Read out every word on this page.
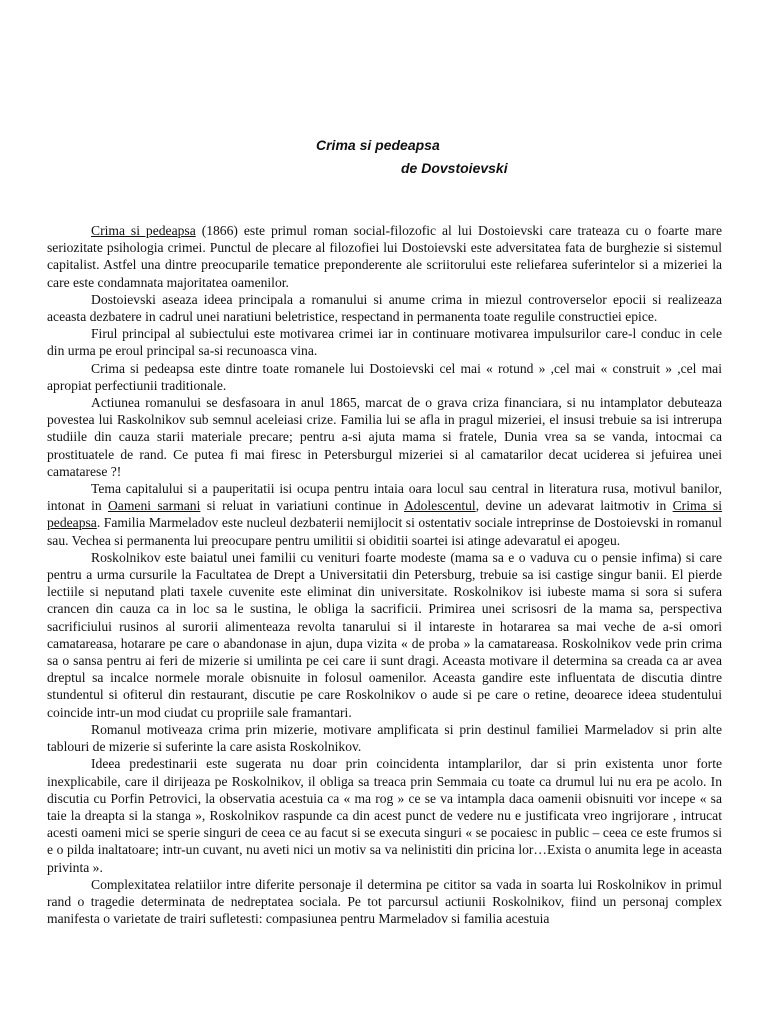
Crima si pedeapsa
de Dovstoievski

Crima si pedeapsa (1866) este primul roman social-filozofic al lui Dostoievski care trateaza cu o foarte mare seriozitate psihologia crimei. Punctul de plecare al filozofiei lui Dostoievski este adversitatea fata de burghezie si sistemul capitalist. Astfel una dintre preocuparile tematice preponderente ale scriitorului este reliefarea suferintelor si a mizeriei la care este condamnata majoritatea oamenilor.

Dostoievski aseaza ideea principala a romanului si anume crima in miezul controverselor epocii si realizeaza aceasta dezbatere in cadrul unei naratiuni beletristice, respectand in permanenta toate regulile constructiei epice.

Firul principal al subiectului este motivarea crimei iar in continuare motivarea impulsurilor care-l conduc in cele din urma pe eroul principal sa-si recunoasca vina.

Crima si pedeapsa este dintre toate romanele lui Dostoievski cel mai « rotund » ,cel mai « construit » ,cel mai apropiat perfectiunii traditionale.

Actiunea romanului se desfasoara in anul 1865, marcat de o grava criza financiara, si nu intamplator debuteaza povestea lui Raskolnikov sub semnul aceleiasi crize. Familia lui se afla in pragul mizeriei, el insusi trebuie sa isi intrerupa studiile din cauza starii materiale precare; pentru a-si ajuta mama si fratele, Dunia vrea sa se vanda, intocmai ca prostituatele de rand. Ce putea fi mai firesc in Petersburgul mizeriei si al camatarilor decat uciderea si jefuirea unei camatarese ?!

Tema capitalului si a pauperitatii isi ocupa pentru intaia oara locul sau central in literatura rusa, motivul banilor, intonat in Oameni sarmani si reluat in variatiuni continue in Adolescentul, devine un adevarat laitmotiv in Crima si pedeapsa. Familia Marmeladov este nucleul dezbaterii nemijlocit si ostentativ sociale intreprinse de Dostoievski in romanul sau. Vechea si permanenta lui preocupare pentru umilitii si obiditii soartei isi atinge adevaratul ei apogeu.

Roskolnikov este baiatul unei familii cu venituri foarte modeste (mama sa e o vaduva cu o pensie infima) si care pentru a urma cursurile la Facultatea de Drept a Universitatii din Petersburg, trebuie sa isi castige singur banii. El pierde lectiile si neputand plati taxele cuvenite este eliminat din universitate. Roskolnikov isi iubeste mama si sora si sufera crancen din cauza ca in loc sa le sustina, le obliga la sacrificii. Primirea unei scrisosri de la mama sa, perspectiva sacrificiului rusinos al surorii alimenteaza revolta tanarului si il intareste in hotararea sa mai veche de a-si omori camatareasa, hotarare pe care o abandonase in ajun, dupa vizita « de proba » la camatareasa. Roskolnikov vede prin crima sa o sansa pentru ai feri de mizerie si umilinta pe cei care ii sunt dragi. Aceasta motivare il determina sa creada ca ar avea dreptul sa incalce normele morale obisnuite in folosul oamenilor. Aceasta gandire este influentata de discutia dintre stundentul si ofiterul din restaurant, discutie pe care Roskolnikov o aude si pe care o retine, deoarece ideea studentului coincide intr-un mod ciudat cu propriile sale framantari.

Romanul motiveaza crima prin mizerie, motivare amplificata si prin destinul familiei Marmeladov si prin alte tablouri de mizerie si suferinte la care asista Roskolnikov.

Ideea predestinarii este sugerata nu doar prin coincidenta intamplarilor, dar si prin existenta unor forte inexplicabile, care il dirijeaza pe Roskolnikov, il obliga sa treaca prin Semmaia cu toate ca drumul lui nu era pe acolo. In discutia cu Porfin Petrovici, la observatia acestuia ca « ma rog » ce se va intampla daca oamenii obisnuiti vor incepe « sa taie la dreapta si la stanga », Roskolnikov raspunde ca din acest punct de vedere nu e justificata vreo ingrijorare , intrucat acesti oameni mici se sperie singuri de ceea ce au facut si se executa singuri « se pocaiesc in public – ceea ce este frumos si e o pilda inaltatoare; intr-un cuvant, nu aveti nici un motiv sa va nelinistiti din pricina lor…Exista o anumita lege in aceasta privinta ».

Complexitatea relatiilor intre diferite personaje il determina pe cititor sa vada in soarta lui Roskolnikov in primul rand o tragedie determinata de nedreptatea sociala. Pe tot parcursul actiunii Roskolnikov, fiind un personaj complex manifesta o varietate de trairi sufletesti: compasiunea pentru Marmeladov si familia acestuia
